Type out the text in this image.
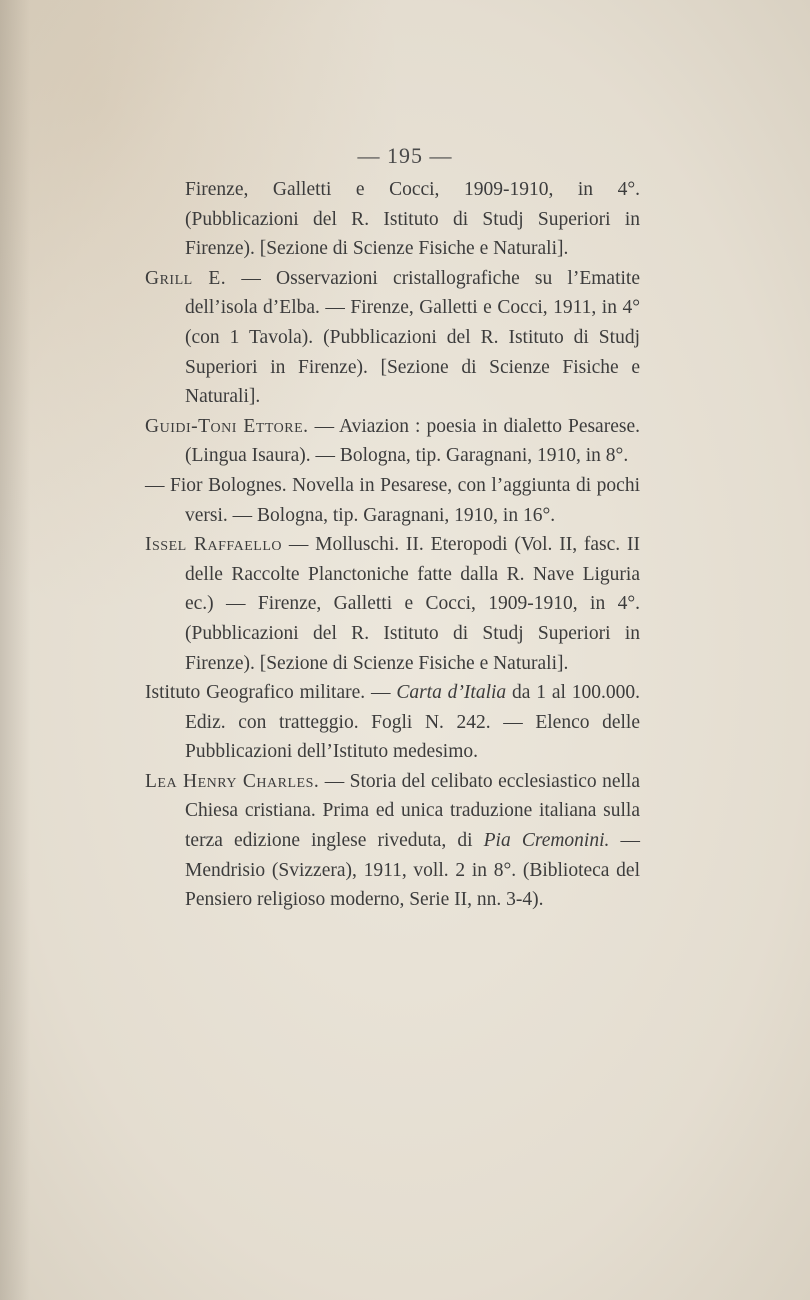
— 195 —

Firenze, Galletti e Cocci, 1909-1910, in 4°. (Pubblicazioni del R. Istituto di Studj Superiori in Firenze). [Sezione di Scienze Fisiche e Naturali].

Grill E. — Osservazioni cristallografiche su l’Ematite dell’isola d’Elba. — Firenze, Galletti e Cocci, 1911, in 4° (con 1 Tavola). (Pubblicazioni del R. Istituto di Studj Superiori in Firenze). [Sezione di Scienze Fisiche e Naturali].

Guidi-Toni Ettore. — Aviazion : poesia in dialetto Pesarese. (Lingua Isaura). — Bologna, tip. Garagnani, 1910, in 8°.

— Fior Bolognes. Novella in Pesarese, con l’aggiunta di pochi versi. — Bologna, tip. Garagnani, 1910, in 16°.

Issel Raffaello — Molluschi. II. Eteropodi (Vol. II, fasc. II delle Raccolte Planctoniche fatte dalla R. Nave Liguria ec.) — Firenze, Galletti e Cocci, 1909-1910, in 4°. (Pubblicazioni del R. Istituto di Studj Superiori in Firenze). [Sezione di Scienze Fisiche e Naturali].

Istituto Geografico militare. — Carta d’Italia da 1 al 100.000. Ediz. con tratteggio. Fogli N. 242. — Elenco delle Pubblicazioni dell’Istituto medesimo.

Lea Henry Charles. — Storia del celibato ecclesiastico nella Chiesa cristiana. Prima ed unica traduzione italiana sulla terza edizione inglese riveduta, di Pia Cremonini. — Mendrisio (Svizzera), 1911, voll. 2 in 8°. (Biblioteca del Pensiero religioso moderno, Serie II, nn. 3-4).
